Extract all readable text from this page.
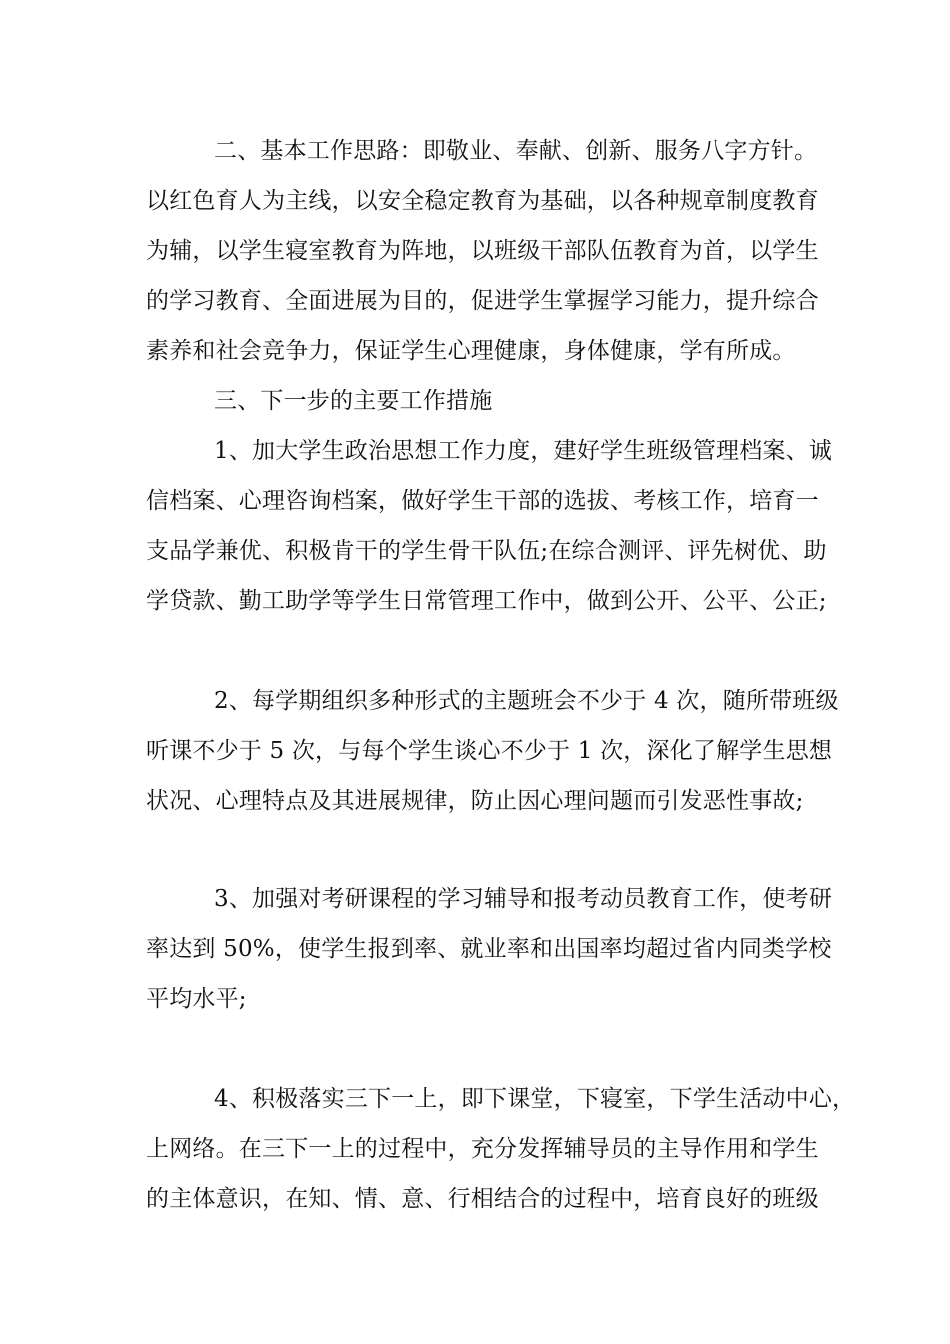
二、基本工作思路：即敬业、奉献、创新、服务八字方针。
以红色育人为主线，以安全稳定教育为基础，以各种规章制度教育
为辅，以学生寝室教育为阵地，以班级干部队伍教育为首，以学生
的学习教育、全面进展为目的，促进学生掌握学习能力，提升综合
素养和社会竞争力，保证学生心理健康，身体健康，学有所成。
三、下一步的主要工作措施
1、加大学生政治思想工作力度，建好学生班级管理档案、诚
信档案、心理咨询档案，做好学生干部的选拔、考核工作，培育一
支品学兼优、积极肯干的学生骨干队伍;在综合测评、评先树优、助
学贷款、勤工助学等学生日常管理工作中，做到公开、公平、公正;
2、每学期组织多种形式的主题班会不少于 4 次，随所带班级
听课不少于 5 次，与每个学生谈心不少于 1 次，深化了解学生思想
状况、心理特点及其进展规律，防止因心理问题而引发恶性事故;
3、加强对考研课程的学习辅导和报考动员教育工作，使考研
率达到 50%，使学生报到率、就业率和出国率均超过省内同类学校
平均水平;
4、积极落实三下一上，即下课堂，下寝室，下学生活动中心，
上网络。在三下一上的过程中，充分发挥辅导员的主导作用和学生
的主体意识，在知、情、意、行相结合的过程中，培育良好的班级
